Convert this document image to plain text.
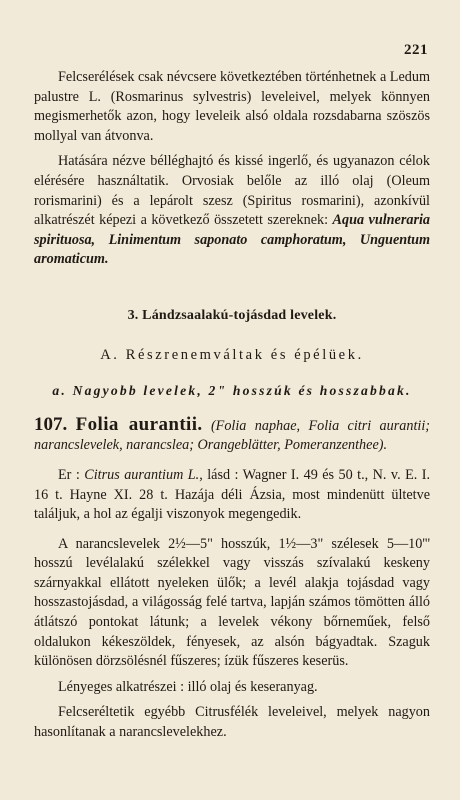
221

Felcserélések csak névcsere következtében történhetnek a Ledum palustre L. (Rosmarinus sylvestris) leveleivel, melyek könnyen megismerhetők azon, hogy leveleik alsó oldala rozsdabarna szöszös mollyal van átvonva.

Hatására nézve bélléghajtó és kissé ingerlő, és ugyanazon célok elérésére használtatik. Orvosiak belőle az illó olaj (Oleum rorismarini) és a lepárolt szesz (Spiritus rosmarini), azonkívül alkatrészét képezi a következő összetett szereknek: Aqua vulneraria spirituosa, Linimentum saponato camphoratum, Unguentum aromaticum.

3. Lándzsaalakú-tojásdad levelek.
A. Részrenemváltak és épélüek.
a. Nagyobb levelek, 2" hosszúk és hosszabbak.

107. Folia aurantii. (Folia naphae, Folia citri aurantii; narancslevelek, narancslea; Orangeblätter, Pomeranzenthee).

Er : Citrus aurantium L., lásd : Wagner I. 49 és 50 t., N. v. E. I. 16 t. Hayne XI. 28 t. Hazája déli Ázsia, most mindenütt ültetve találjuk, a hol az égalji viszonyok megengedik.

A narancslevelek 2½—5" hosszúk, 1½—3" szélesek 5—10''' hosszú levélalakú szélekkel vagy visszás szívalakú keskeny szárnyakkal ellátott nyeleken ülők; a levél alakja tojásdad vagy hosszastojásdad, a világosság felé tartva, lapján számos tömötten álló átlátszó pontokat látunk; a levelek vékony bőrneműek, felső oldalukon kékeszöldek, fényesek, az alsón bágyadtak. Szaguk különösen dörzsölésnél fűszeres; ízük fűszeres keserüs.

Lényeges alkatrészei : illó olaj és keseranyag.

Felcseréltetik egyébb Citrusfélék leveleivel, melyek nagyon hasonlítanak a narancslevelekhez.
